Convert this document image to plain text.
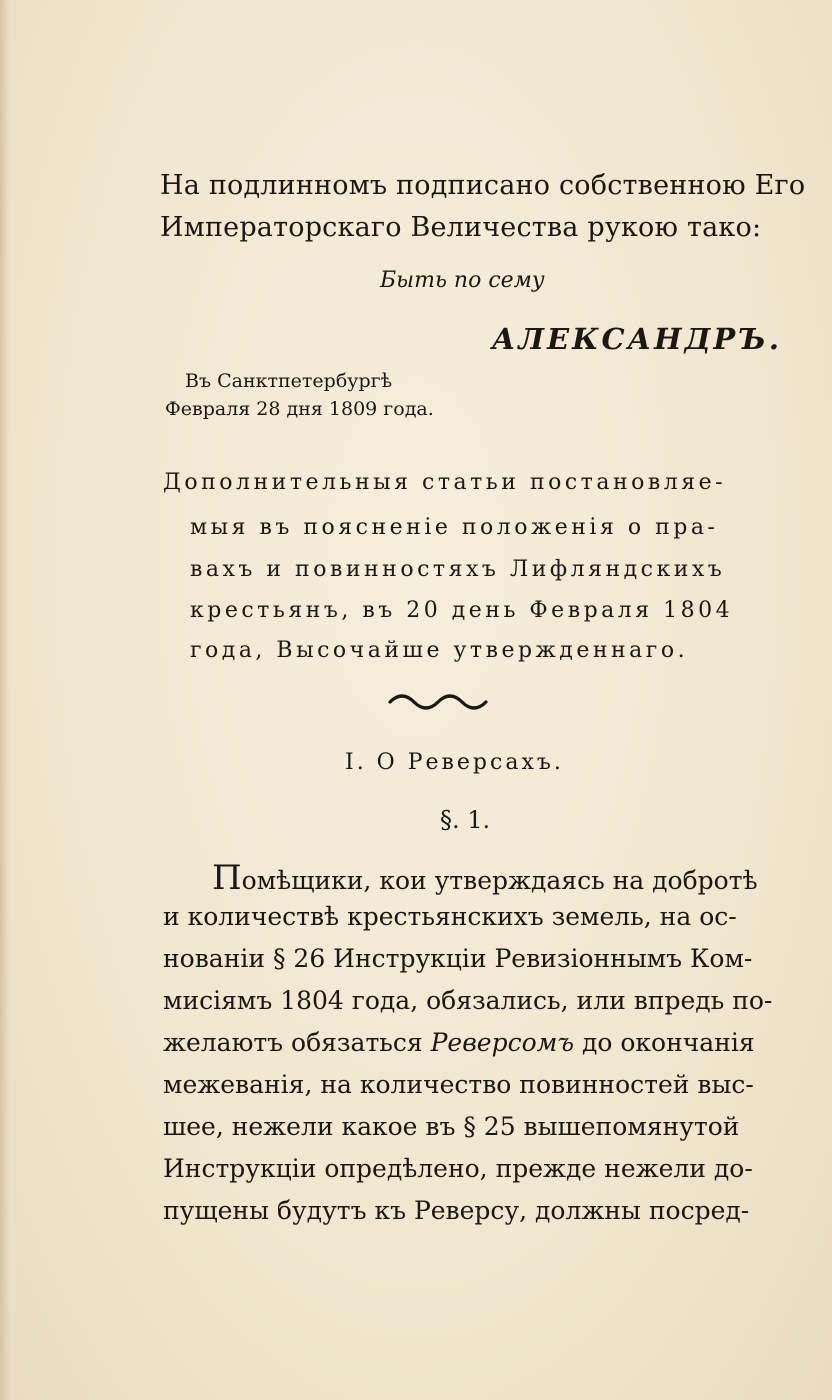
На подлинномъ подписано собственною Его
Императорскаго Величества рукою тако:
Быть по сему
АЛЕКСАНДРЪ.
Въ Санктпетербургѣ
Февраля 28 дня 1809 года.
Дополнительныя статьи постановляе-
мыя въ поясненіе положенія о пра-
вахъ и повинностяхъ Лифляндскихъ
крестьянъ, въ 20 день Февраля 1804
года, Высочайше утвержденнаго.
I. О Реверсахъ.
§. 1.
Помѣщики, кои утверждаясь на добротѣ
и количествѣ крестьянскихъ земель, на ос-
нованіи § 26 Инструкціи Ревизіоннымъ Ком-
мисіямъ 1804 года, обязались, или впредь по-
желаютъ обязаться Реверсомъ до окончанія
межеванія, на количество повинностей выс-
шее, нежели какое въ § 25 вышепомянутой
Инструкціи опредѣлено, прежде нежели до-
пущены будутъ къ Реверсу, должны посред-
